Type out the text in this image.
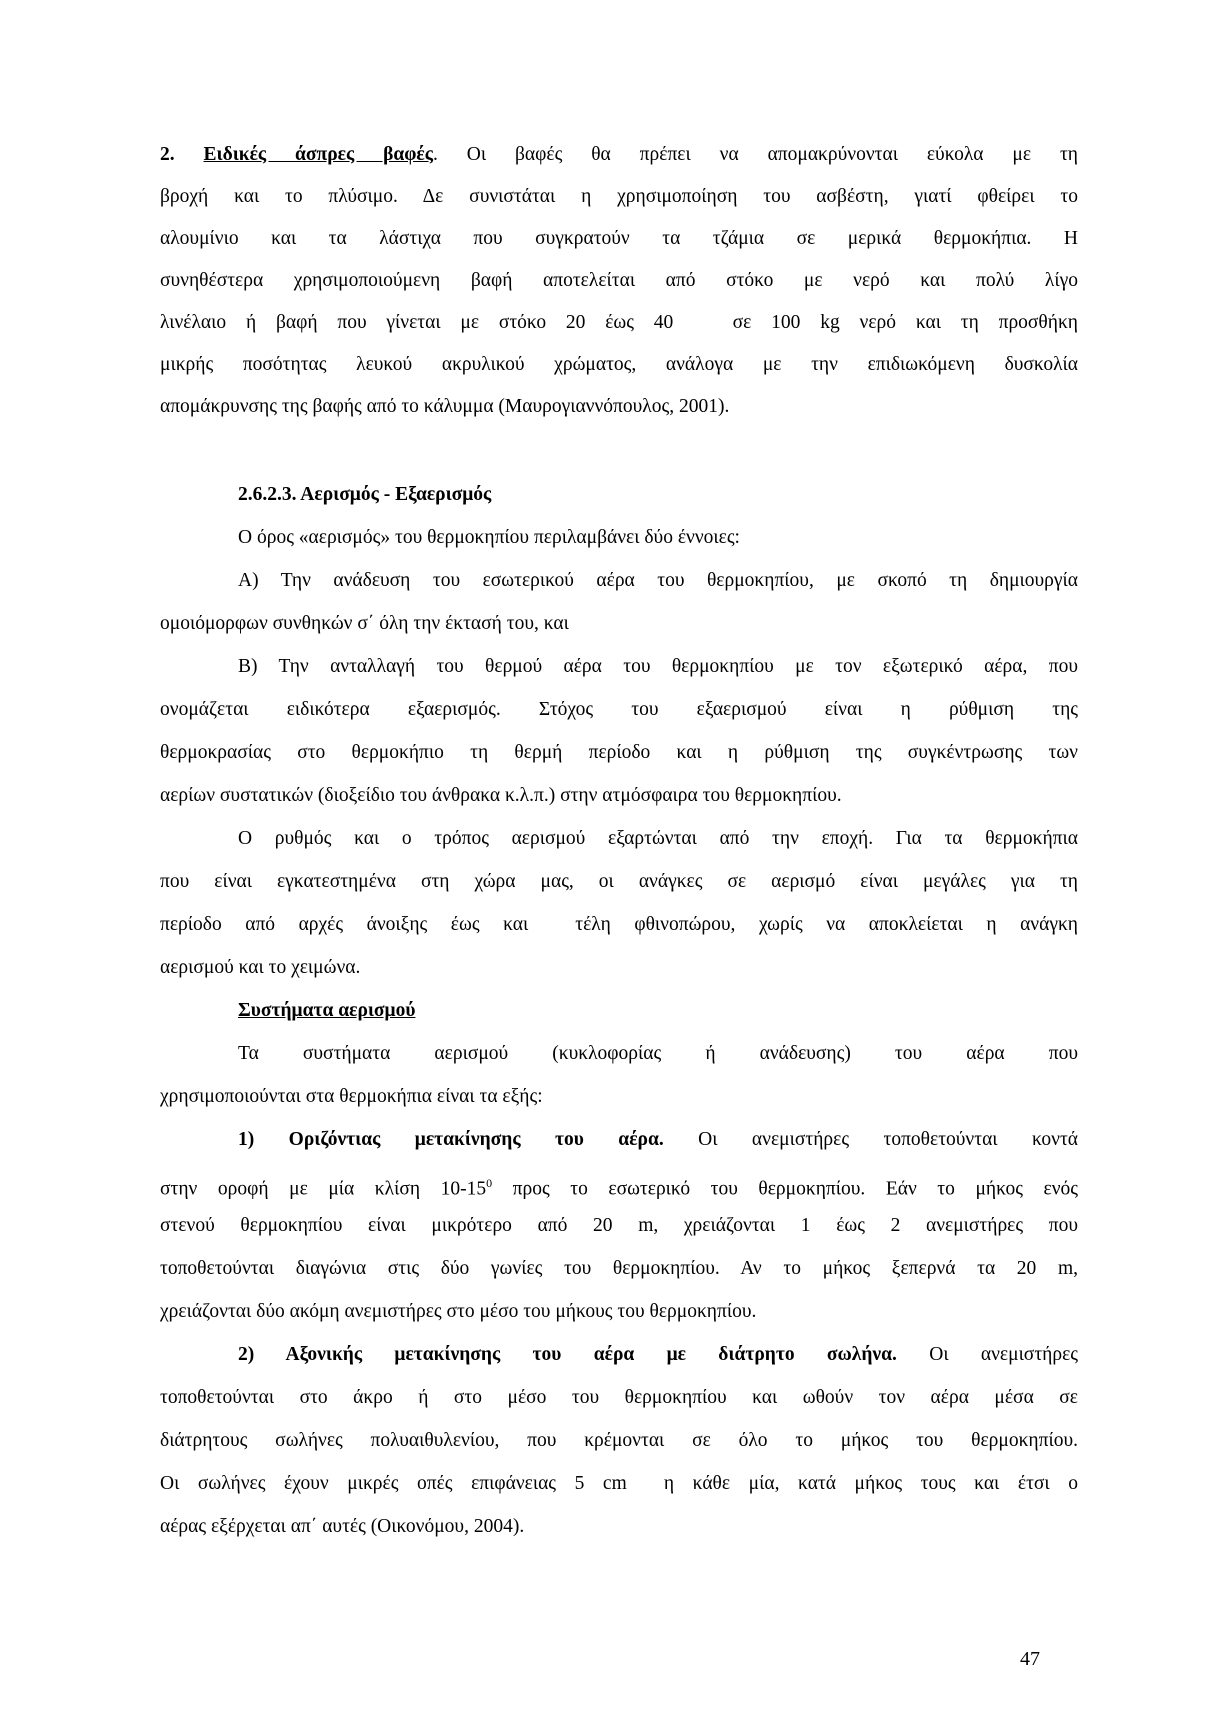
2. Ειδικές άσπρες βαφές. Οι βαφές θα πρέπει να απομακρύνονται εύκολα με τη
βροχή και το πλύσιμο. Δε συνιστάται η χρησιμοποίηση του ασβέστη, γιατί φθείρει το
αλουμίνιο και τα λάστιχα που συγκρατούν τα τζάμια σε μερικά θερμοκήπια. Η
συνηθέστερα χρησιμοποιούμενη βαφή αποτελείται από στόκο με νερό και πολύ λίγο
λινέλαιο ή βαφή που γίνεται με στόκο 20 έως 40   σε 100 kg νερό και τη προσθήκη
μικρής ποσότητας λευκού ακρυλικού χρώματος, ανάλογα με την επιδιωκόμενη δυσκολία
απομάκρυνσης της βαφής από το κάλυμμα (Μαυρογιαννόπουλος, 2001).
2.6.2.3. Αερισμός - Εξαερισμός
Ο όρος «αερισμός» του θερμοκηπίου περιλαμβάνει δύο έννοιες:
Α) Την ανάδευση του εσωτερικού αέρα του θερμοκηπίου, με σκοπό τη δημιουργία
ομοιόμορφων συνθηκών σ΄ όλη την έκτασή του, και
Β) Την ανταλλαγή του θερμού αέρα του θερμοκηπίου με τον εξωτερικό αέρα, που
ονομάζεται ειδικότερα εξαερισμός. Στόχος του εξαερισμού είναι η ρύθμιση της
θερμοκρασίας στο θερμοκήπιο τη θερμή περίοδο και η ρύθμιση της συγκέντρωσης των
αερίων συστατικών (διοξείδιο του άνθρακα κ.λ.π.) στην ατμόσφαιρα του θερμοκηπίου.
Ο ρυθμός και ο τρόπος αερισμού εξαρτώνται από την εποχή. Για τα θερμοκήπια
που είναι εγκατεστημένα στη χώρα μας, οι ανάγκες σε αερισμό είναι μεγάλες για τη
περίοδο από αρχές άνοιξης έως και  τέλη φθινοπώρου, χωρίς να αποκλείεται η ανάγκη
αερισμού και το χειμώνα.
Συστήματα αερισμού
Τα συστήματα αερισμού (κυκλοφορίας ή ανάδευσης) του αέρα που
χρησιμοποιούνται στα θερμοκήπια είναι τα εξής:
1) Οριζόντιας μετακίνησης του αέρα. Οι ανεμιστήρες τοποθετούνται κοντά
στην οροφή με μία κλίση $10-15^0$ προς το εσωτερικό του θερμοκηπίου. Εάν το μήκος ενός
στενού θερμοκηπίου είναι μικρότερο από 20 m, χρειάζονται 1 έως 2 ανεμιστήρες που
τοποθετούνται διαγώνια στις δύο γωνίες του θερμοκηπίου. Αν το μήκος ξεπερνά τα 20 m,
χρειάζονται δύο ακόμη ανεμιστήρες στο μέσο του μήκους του θερμοκηπίου.
2) Αξονικής μετακίνησης του αέρα με διάτρητο σωλήνα. Οι ανεμιστήρες
τοποθετούνται στο άκρο ή στο μέσο του θερμοκηπίου και ωθούν τον αέρα μέσα σε
διάτρητους σωλήνες πολυαιθυλενίου, που κρέμονται σε όλο το μήκος του θερμοκηπίου.
Οι σωλήνες έχουν μικρές οπές επιφάνειας 5 cm  η κάθε μία, κατά μήκος τους και έτσι ο
αέρας εξέρχεται απ΄ αυτές (Οικονόμου, 2004).
47
